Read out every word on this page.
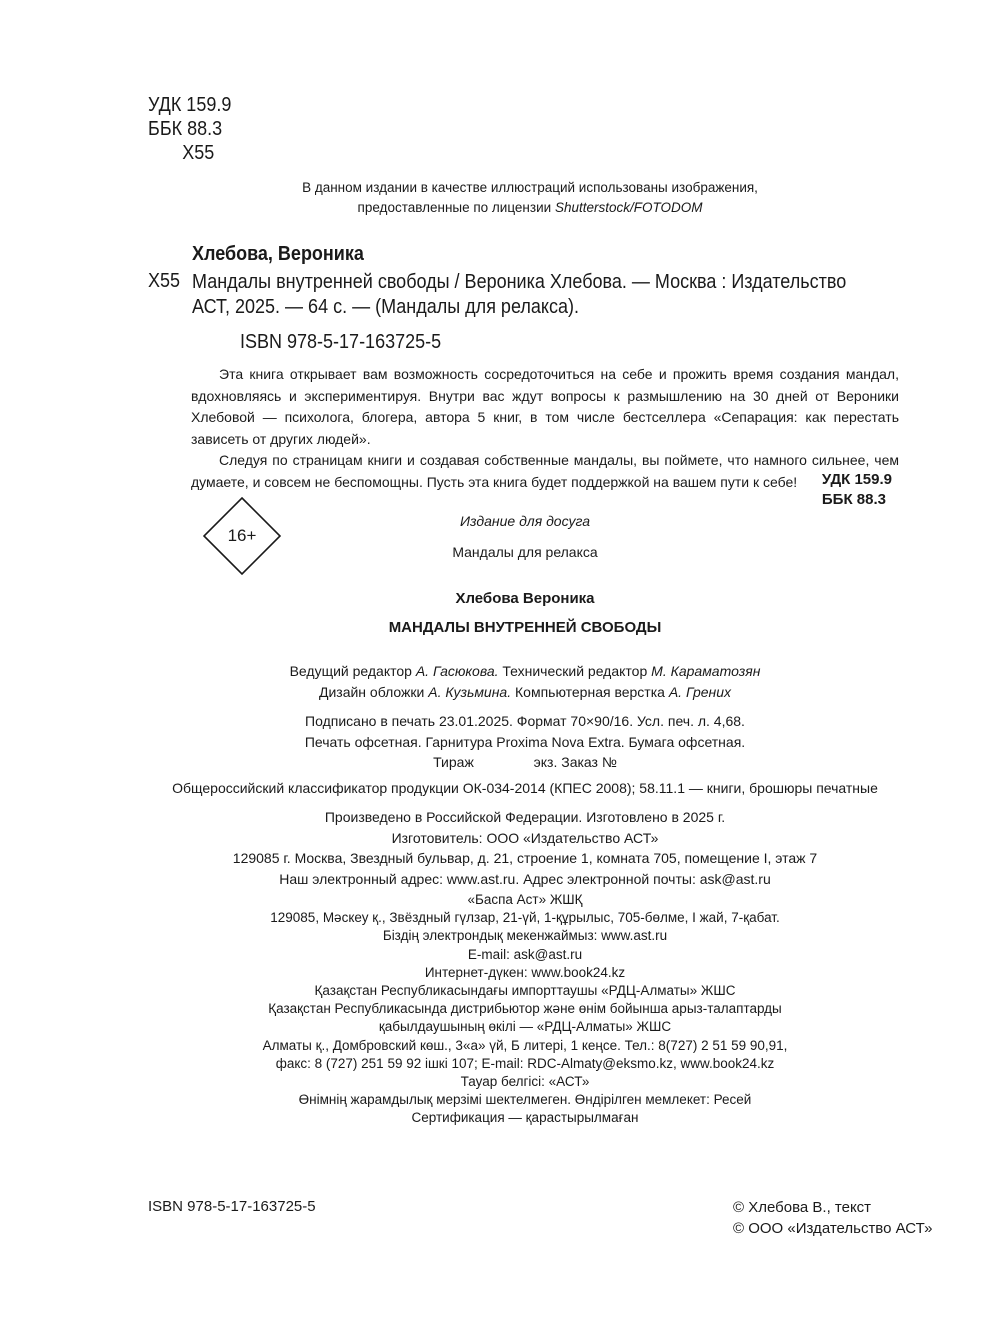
УДК 159.9
ББК 88.3
Х55
В данном издании в качестве иллюстраций использованы изображения,
предоставленные по лицензии Shutterstock/FOTODOM
Хлебова, Вероника
Х55 Мандалы внутренней свободы / Вероника Хлебова. — Москва : Издательство АСТ, 2025. — 64 с. — (Мандалы для релакса).
ISBN 978-5-17-163725-5

Эта книга открывает вам возможность сосредоточиться на себе и прожить время создания мандал, вдохновляясь и экспериментируя. Внутри вас ждут вопросы к размышлению на 30 дней от Вероники Хлебовой — психолога, блогера, автора 5 книг, в том числе бестселлера «Сепарация: как перестать зависеть от других людей».

Следуя по страницам книги и создавая собственные мандалы, вы поймете, что намного сильнее, чем думаете, и совсем не беспомощны. Пусть эта книга будет поддержкой на вашем пути к себе!	УДК 159.9
ББК 88.3
16+
Издание для досуга
Мандалы для релакса
Хлебова Вероника
МАНДАЛЫ ВНУТРЕННЕЙ СВОБОДЫ
Ведущий редактор А. Гасюкова. Технический редактор М. Караматозян
Дизайн обложки А. Кузьмина. Компьютерная верстка А. Грених
Подписано в печать 23.01.2025. Формат 70×90/16. Усл. печ. л. 4,68.
Печать офсетная. Гарнитура Proxima Nova Extra. Бумага офсетная.
Тираж	экз. Заказ №
Общероссийский классификатор продукции ОК-034-2014 (КПЕС 2008); 58.11.1 — книги, брошюры печатные
Произведено в Российской Федерации. Изготовлено в 2025 г.
Изготовитель: ООО «Издательство АСТ»
129085 г. Москва, Звездный бульвар, д. 21, строение 1, комната 705, помещение I, этаж 7
Наш электронный адрес: www.ast.ru. Адрес электронной почты: ask@ast.ru
«Баспа Аст» ЖШҚ
129085, Мәскеу қ., Звёздный гүлзар, 21-үй, 1-құрылыс, 705-бөлме, I жай, 7-қабат.
Біздің электрондық мекенжаймыз: www.ast.ru
E-mail: ask@ast.ru
Интернет-дүкен: www.book24.kz
Қазақстан Республикасындағы импорттаушы «РДЦ-Алматы» ЖШС
Қазақстан Республикасында дистрибьютор және өнім бойынша арыз-талаптарды
қабылдаушының өкілі — «РДЦ-Алматы» ЖШС
Алматы қ., Домбровский көш., 3«а» үй, Б литері, 1 кеңсе. Тел.: 8(727) 2 51 59 90,91,
факс: 8 (727) 251 59 92 ішкі 107; E-mail: RDC-Almaty@eksmo.kz, www.book24.kz
Тауар белгісі: «АСТ»
Өнімнің жарамдылық мерзімі шектелмеген. Өндірілген мемлекет: Ресей
Сертификация — қарастырылмаған
ISBN 978-5-17-163725-5	© Хлебова В., текст
© ООО «Издательство АСТ»
